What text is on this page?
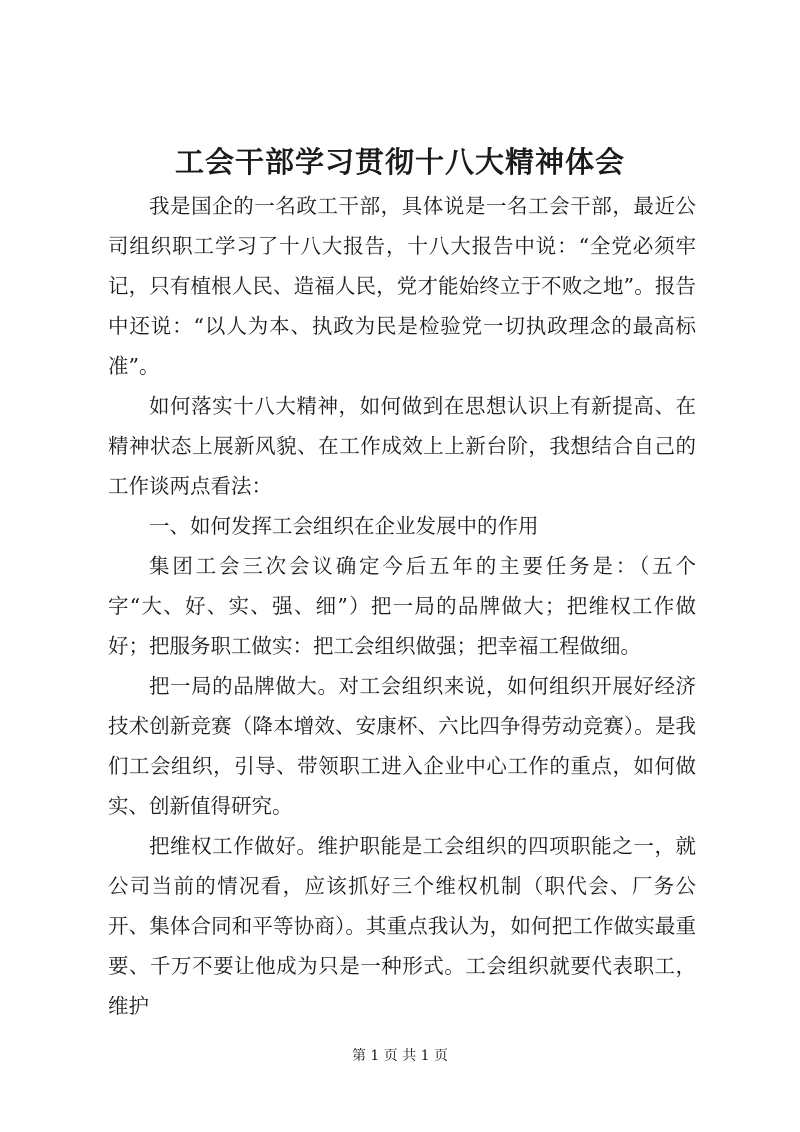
工会干部学习贯彻十八大精神体会

我是国企的一名政工干部，具体说是一名工会干部，最近公司组织职工学习了十八大报告，十八大报告中说：“全党必须牢记，只有植根人民、造福人民，党才能始终立于不败之地”。报告中还说：“以人为本、执政为民是检验党一切执政理念的最高标准”。

如何落实十八大精神，如何做到在思想认识上有新提高、在精神状态上展新风貌、在工作成效上上新台阶，我想结合自己的工作谈两点看法：

一、如何发挥工会组织在企业发展中的作用

集团工会三次会议确定今后五年的主要任务是：（五个字“大、好、实、强、细”）把一局的品牌做大；把维权工作做好；把服务职工做实：把工会组织做强；把幸福工程做细。

把一局的品牌做大。对工会组织来说，如何组织开展好经济技术创新竞赛（降本增效、安康杯、六比四争得劳动竞赛）。是我们工会组织，引导、带领职工进入企业中心工作的重点，如何做实、创新值得研究。

把维权工作做好。维护职能是工会组织的四项职能之一，就公司当前的情况看，应该抓好三个维权机制（职代会、厂务公开、集体合同和平等协商）。其重点我认为，如何把工作做实最重要、千万不要让他成为只是一种形式。工会组织就要代表职工，维护

第 1 页 共 1 页
